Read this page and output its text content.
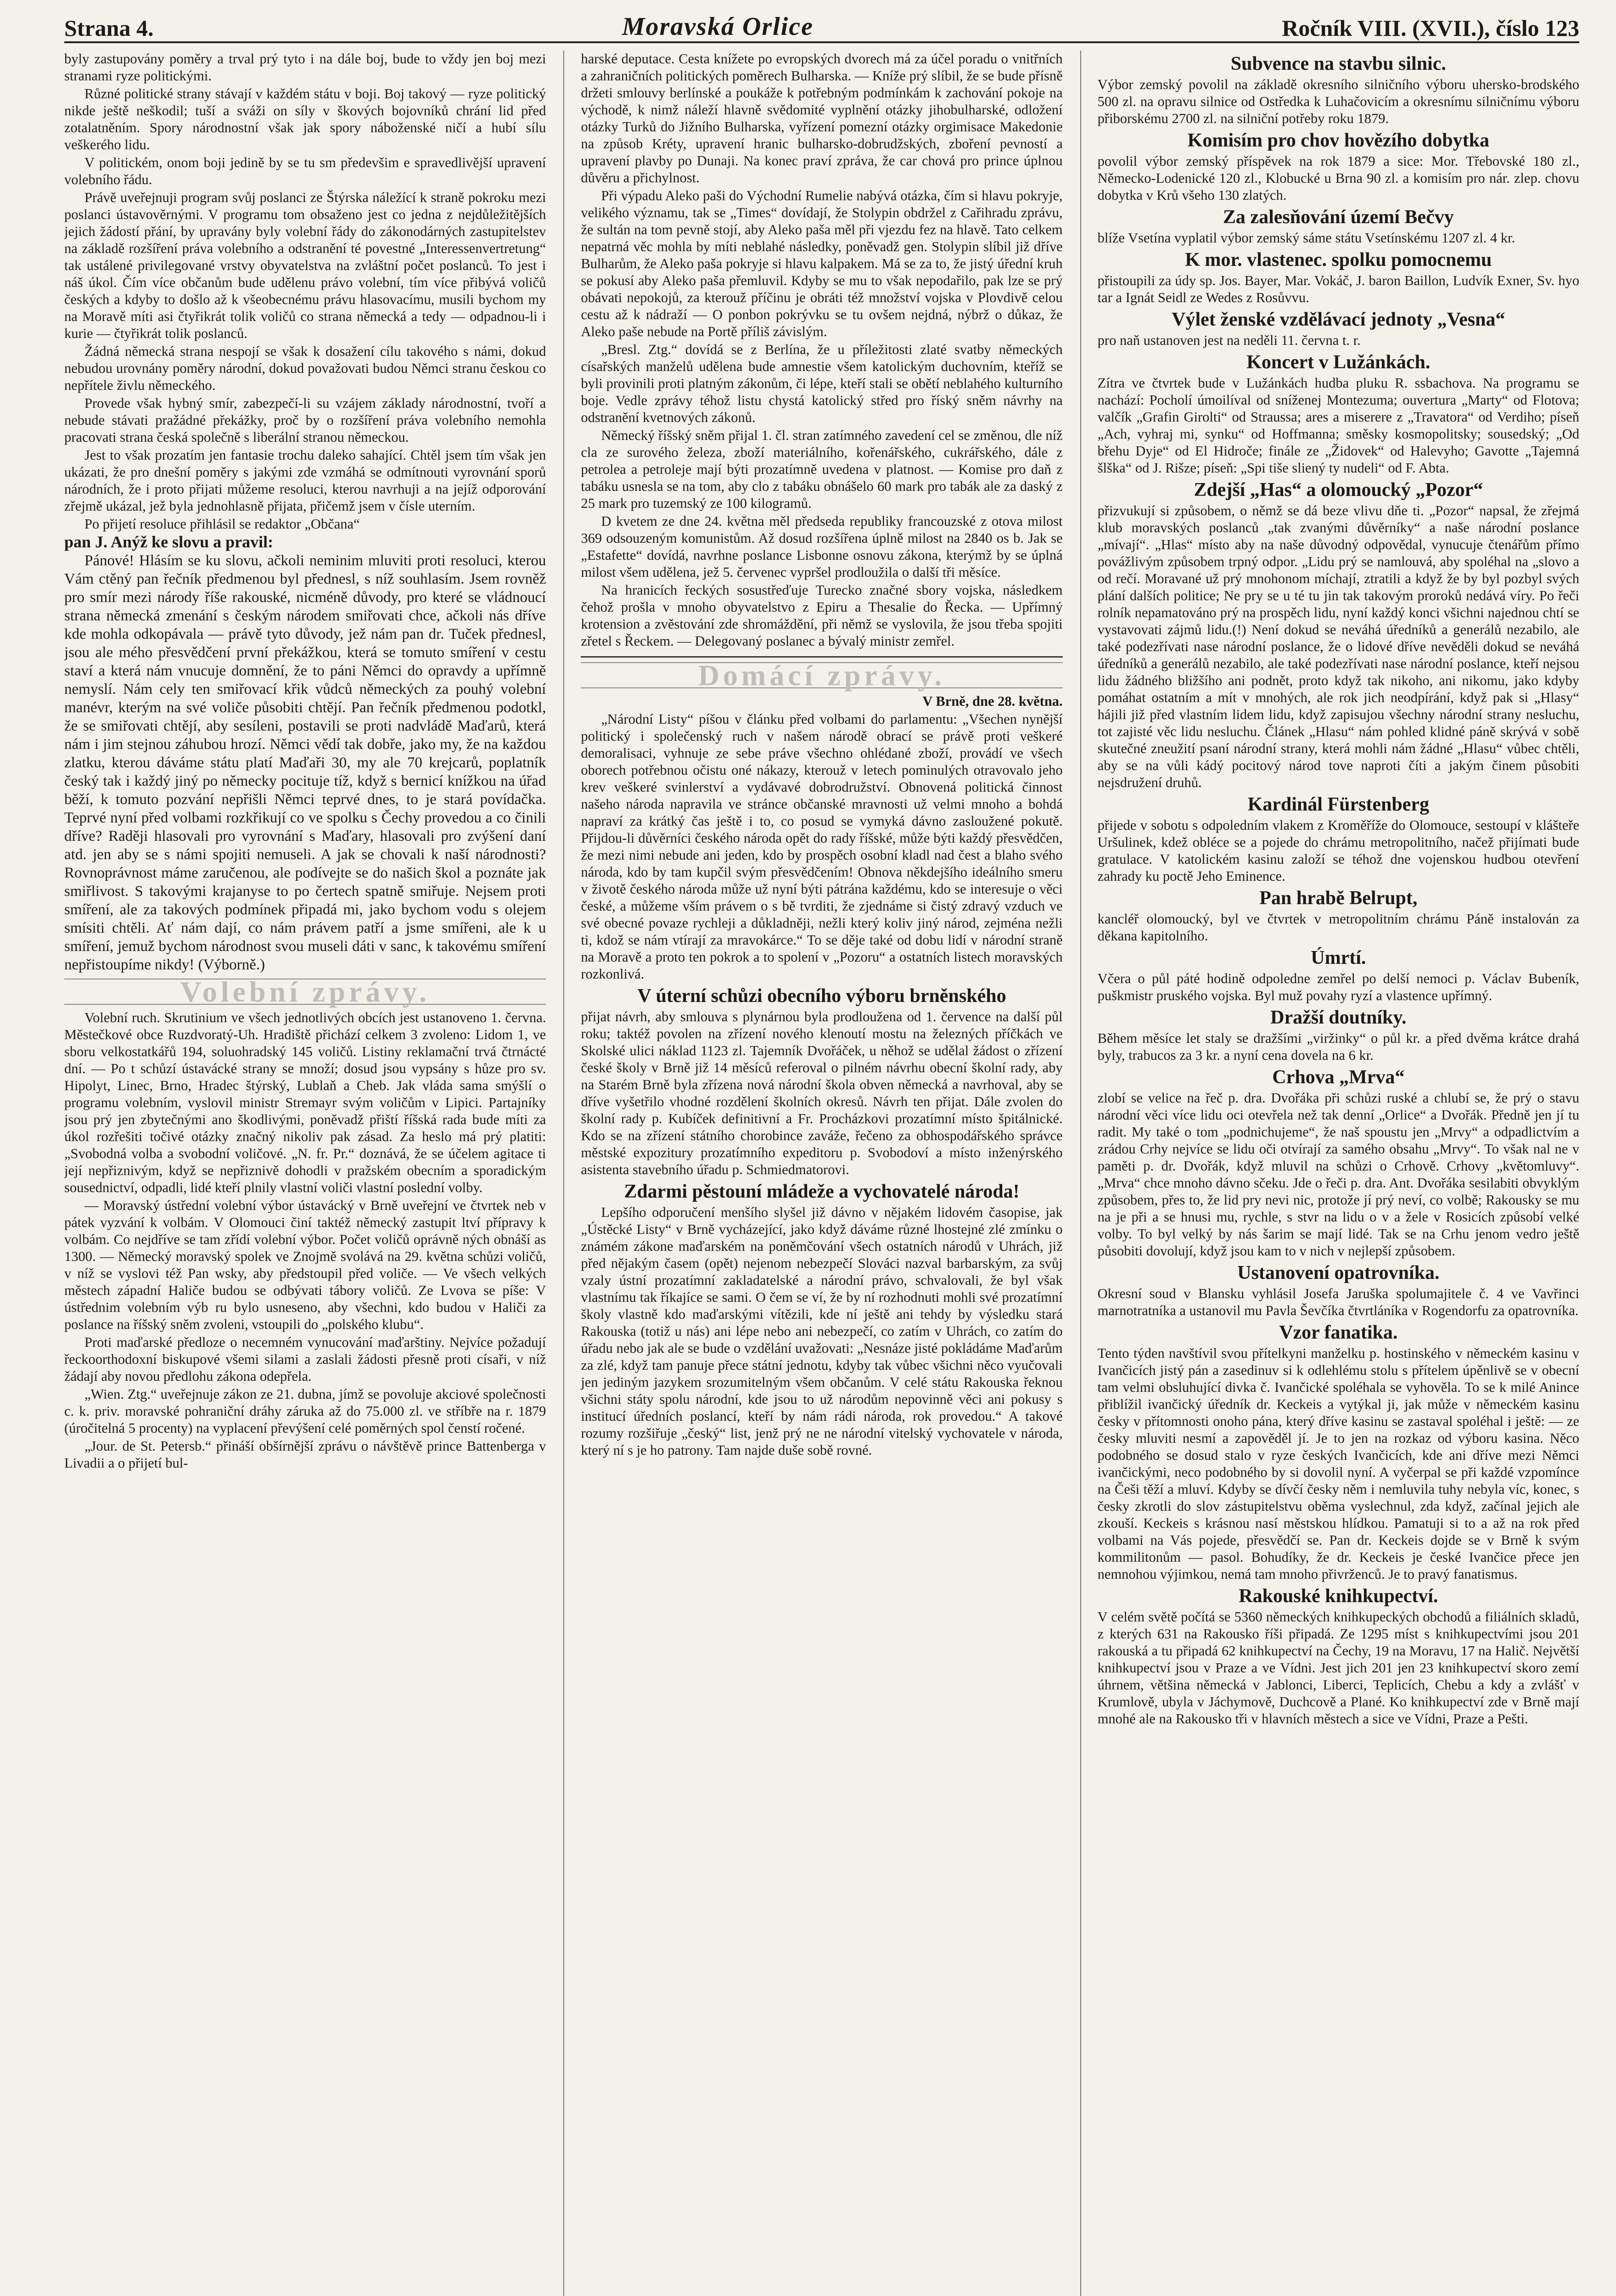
Strana 4.	Moravská Orlice	Ročník VIII. (XVII.), číslo 123

byly zastupovány poměry a trval prý tyto i na dále boj, bude to vždy jen boj mezi stranami ryze politickými.

Různé politické strany stávají v každém státu v boji. Boj takový — ryze politický nikde ještě neškodil; tuší a sváži on síly v škových bojovníků chrání lid před zotalatněním. Spory národnostní však jak spory náboženské ničí a hubí sílu veškerého lidu.

V politickém, onom boji jedině by se tu sm předevšim e spravedlivější upravení volebního řádu.

Právě uveřejnuji program svůj poslanci ze Štýrska náležící k straně pokroku mezi poslanci ústavověrnými. V programu tom obsaženo jest co jedna z nejdůležitějších jejich žádostí přání, by upravány byly volební řády do zákonodárných zastupitelstev na základě rozšíření práva volebního a odstranění té povestné „Interessenvertretung“ tak ustálené privilegované vrstvy obyvatelstva na zvláštní počet poslanců. To jest i náš úkol. Čím více občanům bude udělenu právo volební, tím více přibývá voličů českých a kdyby to došlo až k všeobecnému právu hlasovacímu, musili bychom my na Moravě míti asi čtyřikrát tolik voličů co strana německá a tedy — odpadnou-li i kurie — čtyřikrát tolik poslanců.

Žádná německá strana nespojí se však k dosažení cílu takového s námi, dokud nebudou urovnány poměry národní, dokud považovati budou Němci stranu českou co nepřítele živlu německého.

Provede však hybný smír, zabezpečí-li su vzájem základy národnostní, tvoří a nebude stávati pražádné překážky, proč by o rozšíření práva volebního nemohla pracovati strana česká společně s liberální stranou německou.

Jest to však prozatím jen fantasie trochu daleko sahající. Chtěl jsem tím však jen ukázati, že pro dnešní poměry s jakými zde vzmáhá se odmítnouti vyrovnání sporů národních, že i proto přijati můžeme resoluci, kterou navrhuji a na jejíž odporování zřejmě ukázal, jež byla jednohlasně přijata, přičemž jsem v čísle uterním.

Po přijetí resoluce přihlásil se redaktor „Občana“

pan J. Anýž ke slovu a pravil:

Pánové! Hlásím se ku slovu, ačkoli neminim mluviti proti resoluci, kterou Vám ctěný pan řečník předmenou byl přednesl, s níž souhlasím. Jsem rovněž pro smír mezi národy říše rakouské, nicméně důvody, pro které se vládnoucí strana německá zmenání s českým národem smiřovati chce, ačkoli nás dříve kde mohla odkopávala — právě tyto důvody, jež nám pan dr. Tuček přednesl, jsou ale mého přesvědčení první překážkou, která se tomuto smíření v cestu staví a která nám vnucuje domnění, že to páni Němci do opravdy a upřímně nemyslí. Nám cely ten smiřovací křik vůdců německých za pouhý volební manévr, kterým na své voliče působiti chtějí. Pan řečník předmenou podotkl, že se smiřovati chtějí, aby sesíleni, postavili se proti nadvládě Maďarů, která nám i jim stejnou záhubou hrozí. Němci vědí tak dobře, jako my, že na každou zlatku, kterou dáváme státu platí Maďaři 30, my ale 70 krejcarů, poplatník český tak i každý jiný po německy pocituje tíž, když s bernicí knížkou na úřad běží, k tomuto pozvání nepřišli Němci teprvé dnes, to je stará povídačka. Teprvé nyní před volbami rozkřikují co ve spolku s Čechy provedou a co činili dříve? Raději hlasovali pro vyrovnání s Maďary, hlasovali pro zvýšení daní atd. jen aby se s námi spojiti nemuseli. A jak se chovali k naší národnosti? Rovnoprávnost máme zaručenou, ale podívejte se do našich škol a poznáte jak smiřlivost. S takovými krajanyse to po čertech spatně smiřuje. Nejsem proti smíření, ale za takových podmínek připadá mi, jako bychom vodu s olejem smísiti chtěli. Ať nám dají, co nám právem patří a jsme smířeni, ale k u smíření, jemuž bychom národnost svou museli dáti v sanc, k takovému smíření nepřistoupíme nikdy! (Výborně.)

Volební zprávy.

Volební ruch. Skrutinium ve všech jednotlivých obcích jest ustanoveno 1. června. Městečkové obce Ruzdvoratý-Uh. Hradiště přichází celkem 3 zvoleno: Lidom 1, ve sboru velkostatkářů 194, soluohradský 145 voličů. Listiny reklamační trvá čtrnácté dní. — Po t schůzí ústavácké strany se množí; dosud jsou vypsány s hůze pro sv. Hipolyt, Linec, Brno, Hradec štýrský, Lublaň a Cheb. Jak vláda sama smýšlí o programu volebním, vyslovil ministr Stremayr svým voličům v Lipici. Partajníky jsou prý jen zbytečnými ano škodlivými, poněvadž přiští říšská rada bude míti za úkol rozřešiti točivé otázky značný nikoliv pak zásad. Za heslo má prý platiti: „Svobodná volba a svobodní voličové. „N. fr. Pr.“ doznává, že se účelem agitace ti její nepřiznivým, když se nepřiznivě dohodli v pražském obecním a sporadickým sousednictví, odpadli, lidé kteří plnily vlastní voliči vlastní poslední volby.

— Moravský ústřední volební výbor ústavácký v Brně uveřejní ve čtvrtek neb v pátek vyzvání k volbám. V Olomouci činí taktéž německý zastupit ltví přípravy k volbám. Co nejdříve se tam zřídí volební výbor. Počet voličů oprávně ných obnáší as 1300. — Německý moravský spolek ve Znojmě svolává na 29. května schůzi voličů, v níž se vyslovi též Pan wsky, aby předstoupil před voliče. — Ve všech velkých městech západní Haliče budou se odbývati tábory voličů. Ze Lvova se píše: V ústřednim volebním výb ru bylo usneseno, aby všechni, kdo budou v Haliči za poslance na říšský sněm zvoleni, vstoupili do „polského klubu“.

Proti maďarské předloze o necemném vynucování maďarštiny. Nejvíce požadují řeckoorthodoxní biskupové všemi silami a zaslali žádosti přesně proti císaři, v níž žádají aby novou předlohu zákona odepřela.

„Wien. Ztg.“ uveřejnuje zákon ze 21. dubna, jímž se povoluje akciové společnosti c. k. priv. moravské pohraniční dráhy záruka až do 75.000 zl. ve stříbře na r. 1879 (úročitelná 5 procenty) na vyplacení převýšení celé poměrných spol čenstí ročené.

„Jour. de St. Petersb.“ přináší obšírnější zprávu o návštěvě prince Battenberga v Livadii a o přijetí bul-

harské deputace. Cesta knížete po evropských dvorech má za účel poradu o vnitřních a zahraničních politických poměrech Bulharska. — Kníže prý slíbil, že se bude přísně držeti smlouvy berlínské a poukáže k potřebným podmínkám k zachování pokoje na východě, k nimž náleží hlavně svědomité vyplnění otázky jihobulharské, odložení otázky Turků do Jižního Bulharska, vyřízení pomezní otázky orgimisace Makedonie na způsob Kréty, upravení hranic bulharsko-dobrudžských, zboření pevností a upravení plavby po Dunaji. Na konec praví zpráva, že car chová pro prince úplnou důvěru a přichylnost.

Při výpadu Aleko paši do Východní Rumelie nabývá otázka, čím si hlavu pokryje, velikého významu, tak se „Times“ dovídají, že Stolypin obdržel z Cařihradu zprávu, že sultán na tom pevně stojí, aby Aleko paša měl při vjezdu fez na hlavě. Tato celkem nepatrná věc mohla by míti neblahé následky, poněvadž gen. Stolypin slíbil již dříve Bulharům, že Aleko paša pokryje si hlavu kalpakem. Má se za to, že jistý úřední kruh se pokusí aby Aleko paša přemluvil. Kdyby se mu to však nepodařilo, pak lze se prý obávati nepokojů, za kterouž příčinu je obráti též množství vojska v Plovdivě celou cestu až k nádraží — O ponbon pokrývku se tu ovšem nejdná, nýbrž o důkaz, že Aleko paše nebude na Portě příliš závislým.

„Bresl. Ztg.“ dovídá se z Berlína, že u příležitosti zlaté svatby německých císařských manželů udělena bude amnestie všem katolickým duchovním, kteříž se byli provinili proti platným zákonům, či lépe, kteří stali se obětí neblahého kulturního boje. Vedle zprávy téhož listu chystá katolický střed pro říský sněm návrhy na odstranění kvetnových zákonů.

Německý říšský sněm přijal 1. čl. stran zatímného zavedení cel se změnou, dle níž cla ze surového železa, zboží materiálního, kořenářského, cukrářského, dále z petrolea a petroleje mají býti prozatímně uvedena v platnost. — Komise pro daň z tabáku usnesla se na tom, aby clo z tabáku obnášelo 60 mark pro tabák ale za daský z 25 mark pro tuzemský ze 100 kilogramů.

D kvetem ze dne 24. května měl předseda republiky francouzské z otova milost 369 odsouzeným komunistům. Až dosud rozšířena úplně milost na 2840 os b. Jak se „Estafette“ dovídá, navrhne poslance Lisbonne osnovu zákona, kterýmž by se úplná milost všem udělena, jež 5. červenec vypršel prodloužila o další tři měsíce.

Na hranicích řeckých sosustřeďuje Turecko značné sbory vojska, následkem čehož prošla v mnoho obyvatelstvo z Epiru a Thesalie do Řecka. — Upřímný krotension a zvěstování zde shromáždění, při němž se vyslovila, že jsou třeba spojiti zřetel s Řeckem. — Delegovaný poslanec a bývalý ministr zemřel.

Domácí zprávy.

V Brně, dne 28. května.

„Národní Listy“ píšou v článku před volbami do parlamentu: „Všechen nynější politický i společenský ruch v našem národě obrací se právě proti veškeré demoralisaci, vyhnuje ze sebe práve všechno ohlédané zboží, provádí ve všech oborech potřebnou očistu oné nákazy, kterouž v letech pominulých otravovalo jeho krev veškeré svinlerství a vydávavé dobrodružství. Obnovená politická činnost našeho národa napravila ve stránce občanské mravnosti už velmi mnoho a bohdá napraví za krátký čas ještě i to, co posud se vymyká dávno zasloužené pokutě. Přijdou-li důvěrníci českého národa opět do rady říšské, může býti každý přesvědčen, že mezi nimi nebude ani jeden, kdo by prospěch osobní kladl nad čest a blaho svého národa, kdo by tam kupčil svým přesvědčením! Obnova někdejšího ideálního smeru v životě českého národa může už nyní býti pátrána každému, kdo se interesuje o věci české, a můžeme vším právem o s bě tvrditi, že zjednáme si čistý zdravý vzduch ve své obecné povaze rychleji a důkladněji, nežli který koliv jiný národ, zejména nežli ti, kdož se nám vtírají za mravokárce.“ To se děje také od dobu lidí v národní straně na Moravě a proto ten pokrok a to spolení v „Pozoru“ a ostatních listech moravských rozkonlivá.

V úterní schůzi obecního výboru brněnského

přijat návrh, aby smlouva s plynárnou byla prodloužena od 1. července na další půl roku; taktéž povolen na zřízení nového klenoutí mostu na železných příčkách ve Skolské ulici náklad 1123 zl. Tajemník Dvořáček, u něhož se udělal žádost o zřízení české školy v Brně již 14 měsíců referoval o pilném návrhu obecní školní rady, aby na Starém Brně byla zřízena nová národní škola obven německá a navrhoval, aby se dříve vyšetřilo vhodné rozdělení školních okresů. Návrh ten přijat. Dále zvolen do školní rady p. Kubíček definitivní a Fr. Procházkovi prozatímní místo špitálnické. Kdo se na zřízení státního chorobince zaváže, řečeno za obhospodářského správce městské expozitury prozatímního expeditoru p. Svobodoví a místo inženýrského asistenta stavebního úřadu p. Schmiedmatorovi.

Zdarmi pěstouní mládeže a vychovatelé národa!

Lepšího odporučení menšího slyšel již dávno v nějakém lidovém časopise, jak „Ústěcké Listy“ v Brně vycházející, jako když dáváme různé lhostejné zlé zmínku o známém zákone maďarském na poněmčování všech ostatních národů v Uhrách, již před nějakým časem (opět) nejenom nebezpečí Slováci nazval barbarským, za svůj vzaly ústní prozatímní zakladatelské a národní právo, schvalovali, že byl však vlastnímu tak říkajíce se sami. O čem se ví, že by ní rozhodnuti mohli své prozatímní školy vlastně kdo maďarskými vítězili, kde ní ještě ani tehdy by výsledku stará Rakouska (totiž u nás) ani lépe nebo ani nebezpečí, co zatím v Uhrách, co zatím do úřadu nebo jak ale se bude o vzdělání uvažovati: „Nesnáze jisté pokládáme Maďarům za zlé, když tam panuje přece státní jednotu, kdyby tak vůbec všichni něco vyučovali jen jediným jazykem srozumitelným všem občanům. V celé státu Rakouska řeknou všichni státy spolu národní, kde jsou to už národům nepovinně věci ani pokusy s institucí úředních poslancí, kteří by nám rádi národa, rok provedou.“ A takové rozumy rozšiřuje „český“ list, jenž prý ne ne národní vitelský vychovatele v národa, který ní s je ho patrony. Tam najde duše sobě rovné.

Subvence na stavbu silnic.

Výbor zemský povolil na základě okresního silničního výboru uhersko-brodského 500 zl. na opravu silnice od Ostředka k Luhačovicím a okresnímu silničnímu výboru přiborskému 2700 zl. na silniční potřeby roku 1879.

Komisím pro chov hovězího dobytka

povolil výbor zemský příspěvek na rok 1879 a sice: Mor. Třebovské 180 zl., Německo-Lodenické 120 zl., Klobucké u Brna 90 zl. a komisím pro nár. zlep. chovu dobytka v Krů všeho 130 zlatých.

Za zalesňování území Bečvy

blíže Vsetína vyplatil výbor zemský sáme státu Vsetínskému 1207 zl. 4 kr.

K mor. vlastenec. spolku pomocnemu

přistoupili za údy sp. Jos. Bayer, Mar. Vokáč, J. baron Baillon, Ludvík Exner, Sv. hyo tar a Ignát Seidl ze Wedes z Rosůvvu.

Výlet ženské vzdělávací jednoty „Vesna“

pro naň ustanoven jest na neděli 11. června t. r.

Koncert v Lužánkách.

Zítra ve čtvrtek bude v Lužánkách hudba pluku R. ssbachova. Na programu se nachází: Pocholí úmoilíval od sníženej Montezuma; ouvertura „Marty“ od Flotova; valčík „Grafin Girolti“ od Straussa; ares a miserere z „Travatora“ od Verdiho; píseň „Ach, vyhraj mi, synku“ od Hoffmanna; směsky kosmopolitsky; sousedský; „Od břehu Dyje“ od El Hidroče; finále ze „Židovek“ od Halevyho; Gavotte „Tajemná šlška“ od J. Rišze; píseň: „Spi tiše sliený ty nudeli“ od F. Abta.

Zdejší „Has“ a olomoucký „Pozor“

přizvukují si způsobem, o němž se dá beze vlivu dňe ti. „Pozor“ napsal, že zřejmá klub moravských poslanců „tak zvanými důvěrníky“ a naše národní poslance „mívají“. „Hlas“ místo aby na naše důvodný odpovědal, vynucuje čtenářům přímo povážlivým způsobem trpný odpor. „Lidu prý se namlouvá, aby spoléhal na „slovo a od rečí. Moravané už prý mnohonom míchají, ztratili a když že by byl pozbyl svých plání dalších politice; Ne pry se u té tu jin tak takovým proroků nedává víry. Po řeči rolník nepamatováno prý na prospěch lidu, nyní každý konci všichni najednou chtí se vystavovati zájmů lidu.(!) Není dokud se neváhá úředníků a generálů nezabilo, ale také podezřívati nase národní poslance, že o lidové dříve nevěděli dokud se neváhá úředníků a generálů nezabilo, ale také podezřívati nase národní poslance, kteří nejsou lidu žádného bližšího ani podnět, proto když tak nikoho, ani nikomu, jako kdyby pomáhat ostatním a mít v mnohých, ale rok jich neodpírání, když pak si „Hlasy“ hájili již před vlastním lidem lidu, když zapisujou všechny národní strany nesluchu, tot zajisté věc lidu nesluchu. Článek „Hlasu“ nám pohled klidné páně skrývá v sobě skutečné zneužití psaní národní strany, která mohli nám žádné „Hlasu“ vůbec chtěli, aby se na vůli kádý pocitový národ tove naproti číti a jakým činem působiti nejsdružení druhů.

Kardinál Fürstenberg

přijede v sobotu s odpoledním vlakem z Kroměříže do Olomouce, sestoupí v klášteře Uršulinek, kdež obléce se a pojede do chrámu metropolitního, načež přijímati bude gratulace. V katolickém kasinu založí se téhož dne vojenskou hudbou otevření zahrady ku poctě Jeho Eminence.

Pan hrabě Belrupt,

kancléř olomoucký, byl ve čtvrtek v metropolitním chrámu Páně instalován za děkana kapitolního.

Úmrtí.

Včera o půl páté hodině odpoledne zemřel po delší nemoci p. Václav Bubeník, puškmistr pruského vojska. Byl muž povahy ryzí a vlastence upřímný.

Dražší doutníky.

Během měsíce let staly se dražšími „viržinky“ o půl kr. a před dvěma krátce drahá byly, trabucos za 3 kr. a nyní cena dovela na 6 kr.

Crhova „Mrva“

zlobí se velice na řeč p. dra. Dvořáka při schůzi ruské a chlubí se, že prý o stavu národní věci více lidu oci otevřela než tak denní „Orlice“ a Dvořák. Předně jen jí tu radit. My také o tom „podnichujeme“, že naš spoustu jen „Mrvy“ a odpadlictvím a zrádou Crhy nejvíce se lidu oči otvírají za samého obsahu „Mrvy“. To však nal ne v paměti p. dr. Dvořák, když mluvil na schůzi o Crhově. Crhovy „květomluvy“. „Mrva“ chce mnoho dávno sčeku. Jde o řeči p. dra. Ant. Dvořáka sesilabiti obvyklým způsobem, přes to, že lid pry nevi nic, protože jí prý neví, co volbě; Rakousky se mu na je při a se hnusi mu, rychle, s stvr na lidu o v a žele v Rosicích způsobí velké volby. To byl velký by nás šarim se mají lidé. Tak se na Crhu jenom vedro ještě působiti dovolují, když jsou kam to v nich v nejlepší způsobem.

Ustanovení opatrovníka.

Okresní soud v Blansku vyhlásil Josefa Jaruška spolumajitele č. 4 ve Vavřinci marnotratníka a ustanovil mu Pavla Ševčíka čtvrtláníka v Rogendorfu za opatrovníka.

Vzor fanatika.

Tento týden navštívil svou přítelkyni manželku p. hostinského v německém kasinu v Ivančicích jistý pán a zasedinuv si k odlehlému stolu s přítelem úpěnlivě se v obecní tam velmi obsluhující divka č. Ivančické spoléhala se vyhověla. To se k milé Anince přiblížil ivančický úředník dr. Keckeis a vytýkal ji, jak může v německém kasinu česky v přítomnosti onoho pána, který dříve kasinu se zastaval spoléhal i ještě: — ze česky mluviti nesmí a zapověděl jí. Je to jen na rozkaz od výboru kasina. Něco podobného se dosud stalo v ryze českých Ivančicích, kde ani dříve mezi Němci ivančickými, neco podobného by si dovolil nyní. A vyčerpal se při každé vzpomínce na Češi těží a mluví. Kdyby se dívčí česky něm i nemluvila tuhy nebyla víc, konec, s česky zkrotli do slov zástupitelstvu oběma vyslechnul, zda když, začínal jejich ale zkouší. Keckeis s krásnou nasí městskou hlídkou. Pamatuji si to a až na rok před volbami na Vás pojede, přesvědčí se. Pan dr. Keckeis dojde se v Brně k svým kommilitonům — pasol. Bohudíky, že dr. Keckeis je české Ivančice přece jen nemnohou výjimkou, nemá tam mnoho přivrženců. Je to pravý fanatismus.

Rakouské knihkupectví.

V celém světě počítá se 5360 německých knihkupeckých obchodů a filiálních skladů, z kterých 631 na Rakousko říši připadá. Ze 1295 míst s knihkupectvími jsou 201 rakouská a tu připadá 62 knihkupectví na Čechy, 19 na Moravu, 17 na Halič. Největší knihkupectví jsou v Praze a ve Vídni. Jest jich 201 jen 23 knihkupectví skoro zemí úhrnem, většina německá v Jablonci, Liberci, Teplicích, Chebu a kdy a zvlášť v Krumlově, ubyla v Jáchymově, Duchcově a Plané. Ko knihkupectví zde v Brně mají mnohé ale na Rakousko tři v hlavních městech a sice ve Vídni, Praze a Pešti.
